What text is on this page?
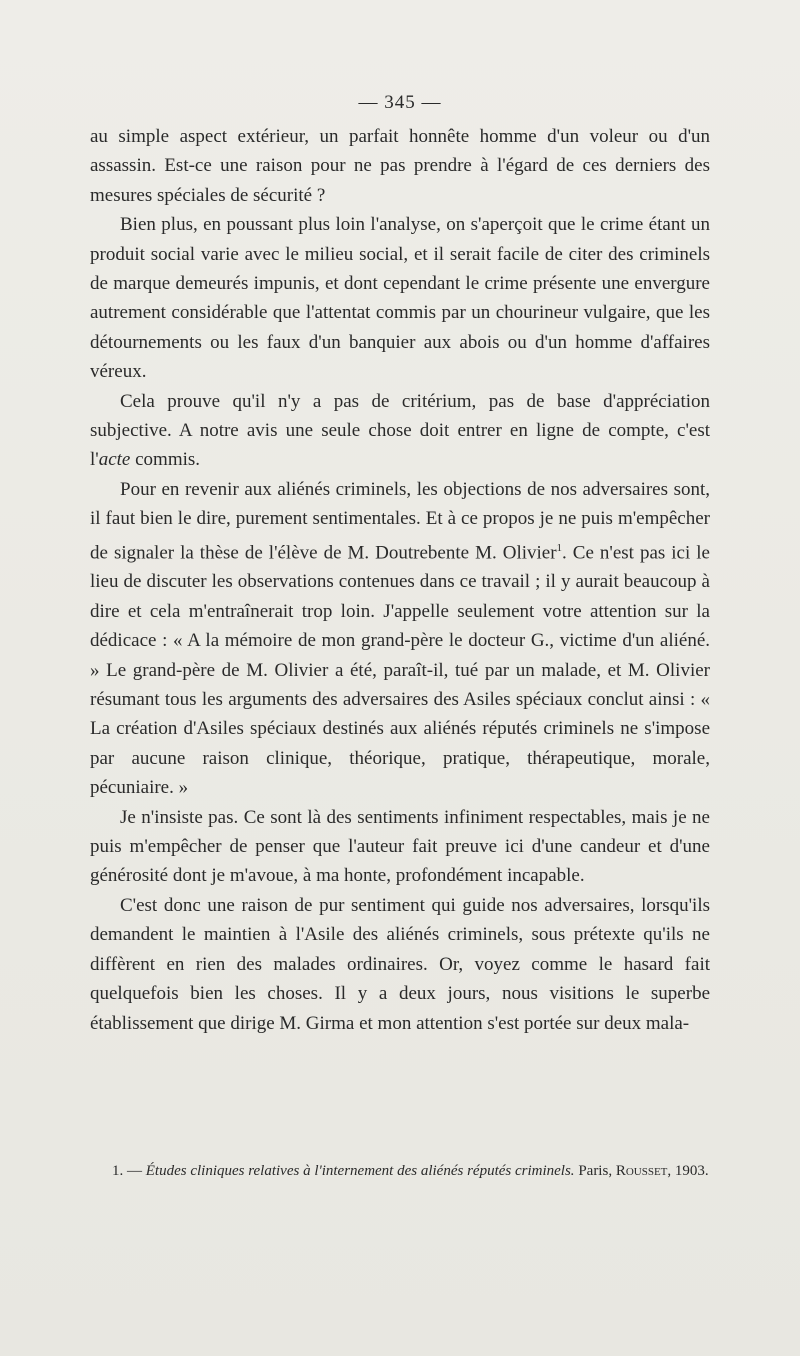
— 345 —

au simple aspect extérieur, un parfait honnête homme d'un voleur ou d'un assassin. Est-ce une raison pour ne pas prendre à l'égard de ces derniers des mesures spéciales de sécurité ?

Bien plus, en poussant plus loin l'analyse, on s'aperçoit que le crime étant un produit social varie avec le milieu social, et il serait facile de citer des criminels de marque demeurés impunis, et dont cependant le crime présente une envergure autrement considérable que l'attentat commis par un chourineur vulgaire, que les détournements ou les faux d'un banquier aux abois ou d'un homme d'affaires véreux.

Cela prouve qu'il n'y a pas de critérium, pas de base d'appréciation subjective. A notre avis une seule chose doit entrer en ligne de compte, c'est l'acte commis.

Pour en revenir aux aliénés criminels, les objections de nos adversaires sont, il faut bien le dire, purement sentimentales. Et à ce propos je ne puis m'empêcher de signaler la thèse de l'élève de M. Doutrebente M. Olivier$^1$. Ce n'est pas ici le lieu de discuter les observations contenues dans ce travail ; il y aurait beaucoup à dire et cela m'entraînerait trop loin. J'appelle seulement votre attention sur la dédicace : « A la mémoire de mon grand-père le docteur G., victime d'un aliéné. » Le grand-père de M. Olivier a été, paraît-il, tué par un malade, et M. Olivier résumant tous les arguments des adversaires des Asiles spéciaux conclut ainsi : « La création d'Asiles spéciaux destinés aux aliénés réputés criminels ne s'impose par aucune raison clinique, théorique, pratique, thérapeutique, morale, pécuniaire. »

Je n'insiste pas. Ce sont là des sentiments infiniment respectables, mais je ne puis m'empêcher de penser que l'auteur fait preuve ici d'une candeur et d'une générosité dont je m'avoue, à ma honte, profondément incapable.

C'est donc une raison de pur sentiment qui guide nos adversaires, lorsqu'ils demandent le maintien à l'Asile des aliénés criminels, sous prétexte qu'ils ne diffèrent en rien des malades ordinaires. Or, voyez comme le hasard fait quelquefois bien les choses. Il y a deux jours, nous visitions le superbe établissement que dirige M. Girma et mon attention s'est portée sur deux mala-

1. — Études cliniques relatives à l'internement des aliénés réputés criminels. Paris, Rousset, 1903.
